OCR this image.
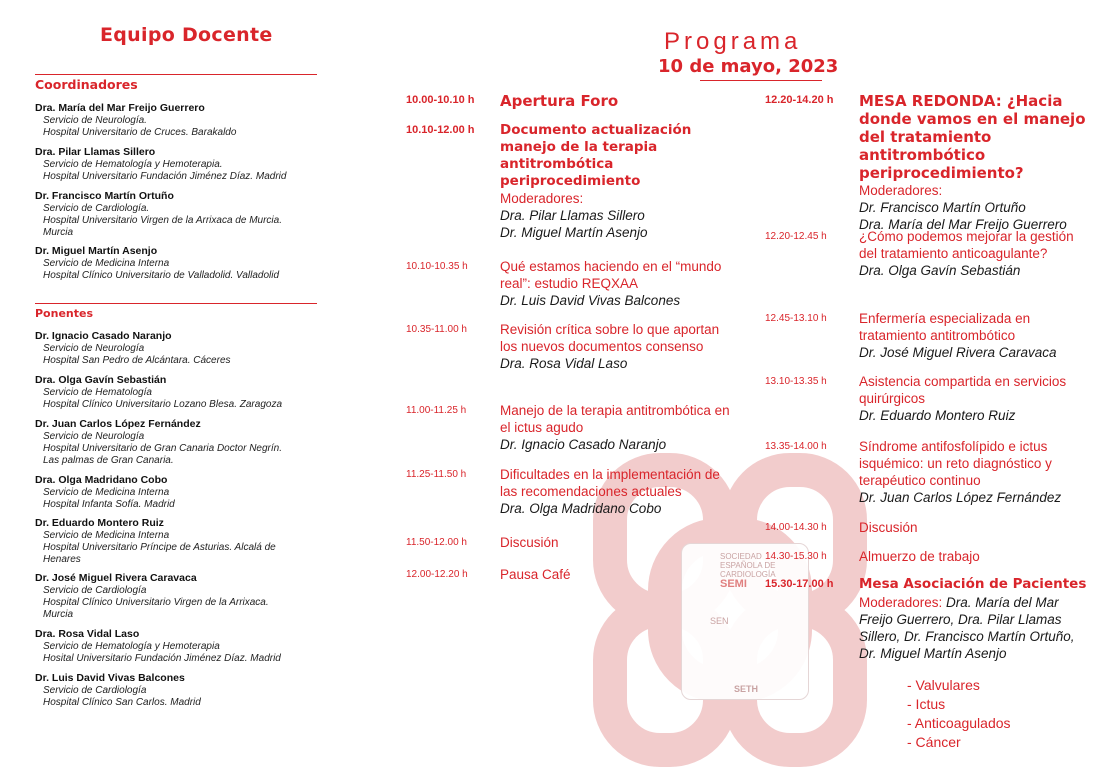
SOCIEDAD ESPAÑOLA DE CARDIOLOGÍA
SEMI
SEN
SETH
Equipo Docente
Coordinadores
Dra. María del Mar Freijo Guerrero
Servicio de Neurología.
Hospital Universitario de Cruces. Barakaldo
Dra. Pilar Llamas Sillero
Servicio de Hematología y Hemoterapia.
Hospital Universitario Fundación Jiménez Díaz. Madrid
Dr. Francisco Martín Ortuño
Servicio de Cardiología.
Hospital Universitario Virgen de la Arrixaca de Murcia.
Murcia
Dr. Miguel Martín Asenjo
Servicio de Medicina Interna
Hospital Clínico Universitario de Valladolid. Valladolid
Ponentes
Dr. Ignacio Casado Naranjo
Servicio de Neurología
Hospital San Pedro de Alcántara. Cáceres
Dra. Olga Gavín Sebastián
Servicio de Hematología
Hospital Clínico Universitario Lozano Blesa. Zaragoza
Dr. Juan Carlos López Fernández
Servicio de Neurología
Hospital Universitario de Gran Canaria Doctor Negrín.
Las palmas de Gran Canaria.
Dra. Olga Madridano Cobo
Servicio de Medicina Interna
Hospital Infanta Sofía. Madrid
Dr. Eduardo Montero Ruiz
Servicio de Medicina Interna
Hospital Universitario Príncipe de Asturias. Alcalá de
Henares
Dr. José Miguel Rivera Caravaca
Servicio de Cardiología
Hospital Clínico Universitario Virgen de la Arrixaca.
Murcia
Dra. Rosa Vidal Laso
Servicio de Hematología y Hemoterapia
Hosital Universitario Fundación Jiménez Díaz. Madrid
Dr. Luis David Vivas Balcones
Servicio de Cardiología
Hospital Clínico San Carlos. Madrid
Programa
10 de mayo, 2023
10.00-10.10 h Apertura Foro
10.10-12.00 h Documento actualización manejo de la terapia antitrombótica periprocedimiento
Moderadores:
Dra. Pilar Llamas Sillero
Dr. Miguel Martín Asenjo
10.10-10.35 h Qué estamos haciendo en el “mundo real”: estudio REQXAA
Dr. Luis David Vivas Balcones
10.35-11.00 h Revisión crítica sobre lo que aportan los nuevos documentos consenso
Dra. Rosa Vidal Laso
11.00-11.25 h	Manejo de la terapia antitrombótica en el ictus agudo
Dr. Ignacio Casado Naranjo
11.25-11.50 h	Dificultades en la implementación de las recomendaciones actuales
Dra. Olga Madridano Cobo
11.50-12.00 h Discusión
12.00-12.20 h Pausa Café
12.20-14.20 h MESA REDONDA: ¿Hacia donde vamos en el manejo del tratamiento antitrombótico periprocedimiento?
Moderadores:
Dr. Francisco Martín Ortuño
Dra. María del Mar Freijo Guerrero
12.20-12.45 h ¿Cómo podemos mejorar la gestión del tratamiento anticoagulante?
Dra. Olga Gavín Sebastián
12.45-13.10 h Enfermería especializada en tratamiento antitrombótico
Dr. José Miguel Rivera Caravaca
13.10-13.35 h Asistencia compartida en servicios quirúrgicos
Dr. Eduardo Montero Ruiz
13.35-14.00 h Síndrome antifosfolípido e ictus isquémico: un reto diagnóstico y terapéutico continuo
Dr. Juan Carlos López Fernández
14.00-14.30 h Discusión
14.30-15.30 h Almuerzo de trabajo
15.30-17.00 h Mesa Asociación de Pacientes
Moderadores: Dra. María del Mar Freijo Guerrero, Dra. Pilar Llamas Sillero, Dr. Francisco Martín Ortuño, Dr. Miguel Martín Asenjo
- Valvulares
- Ictus
- Anticoagulados
- Cáncer
